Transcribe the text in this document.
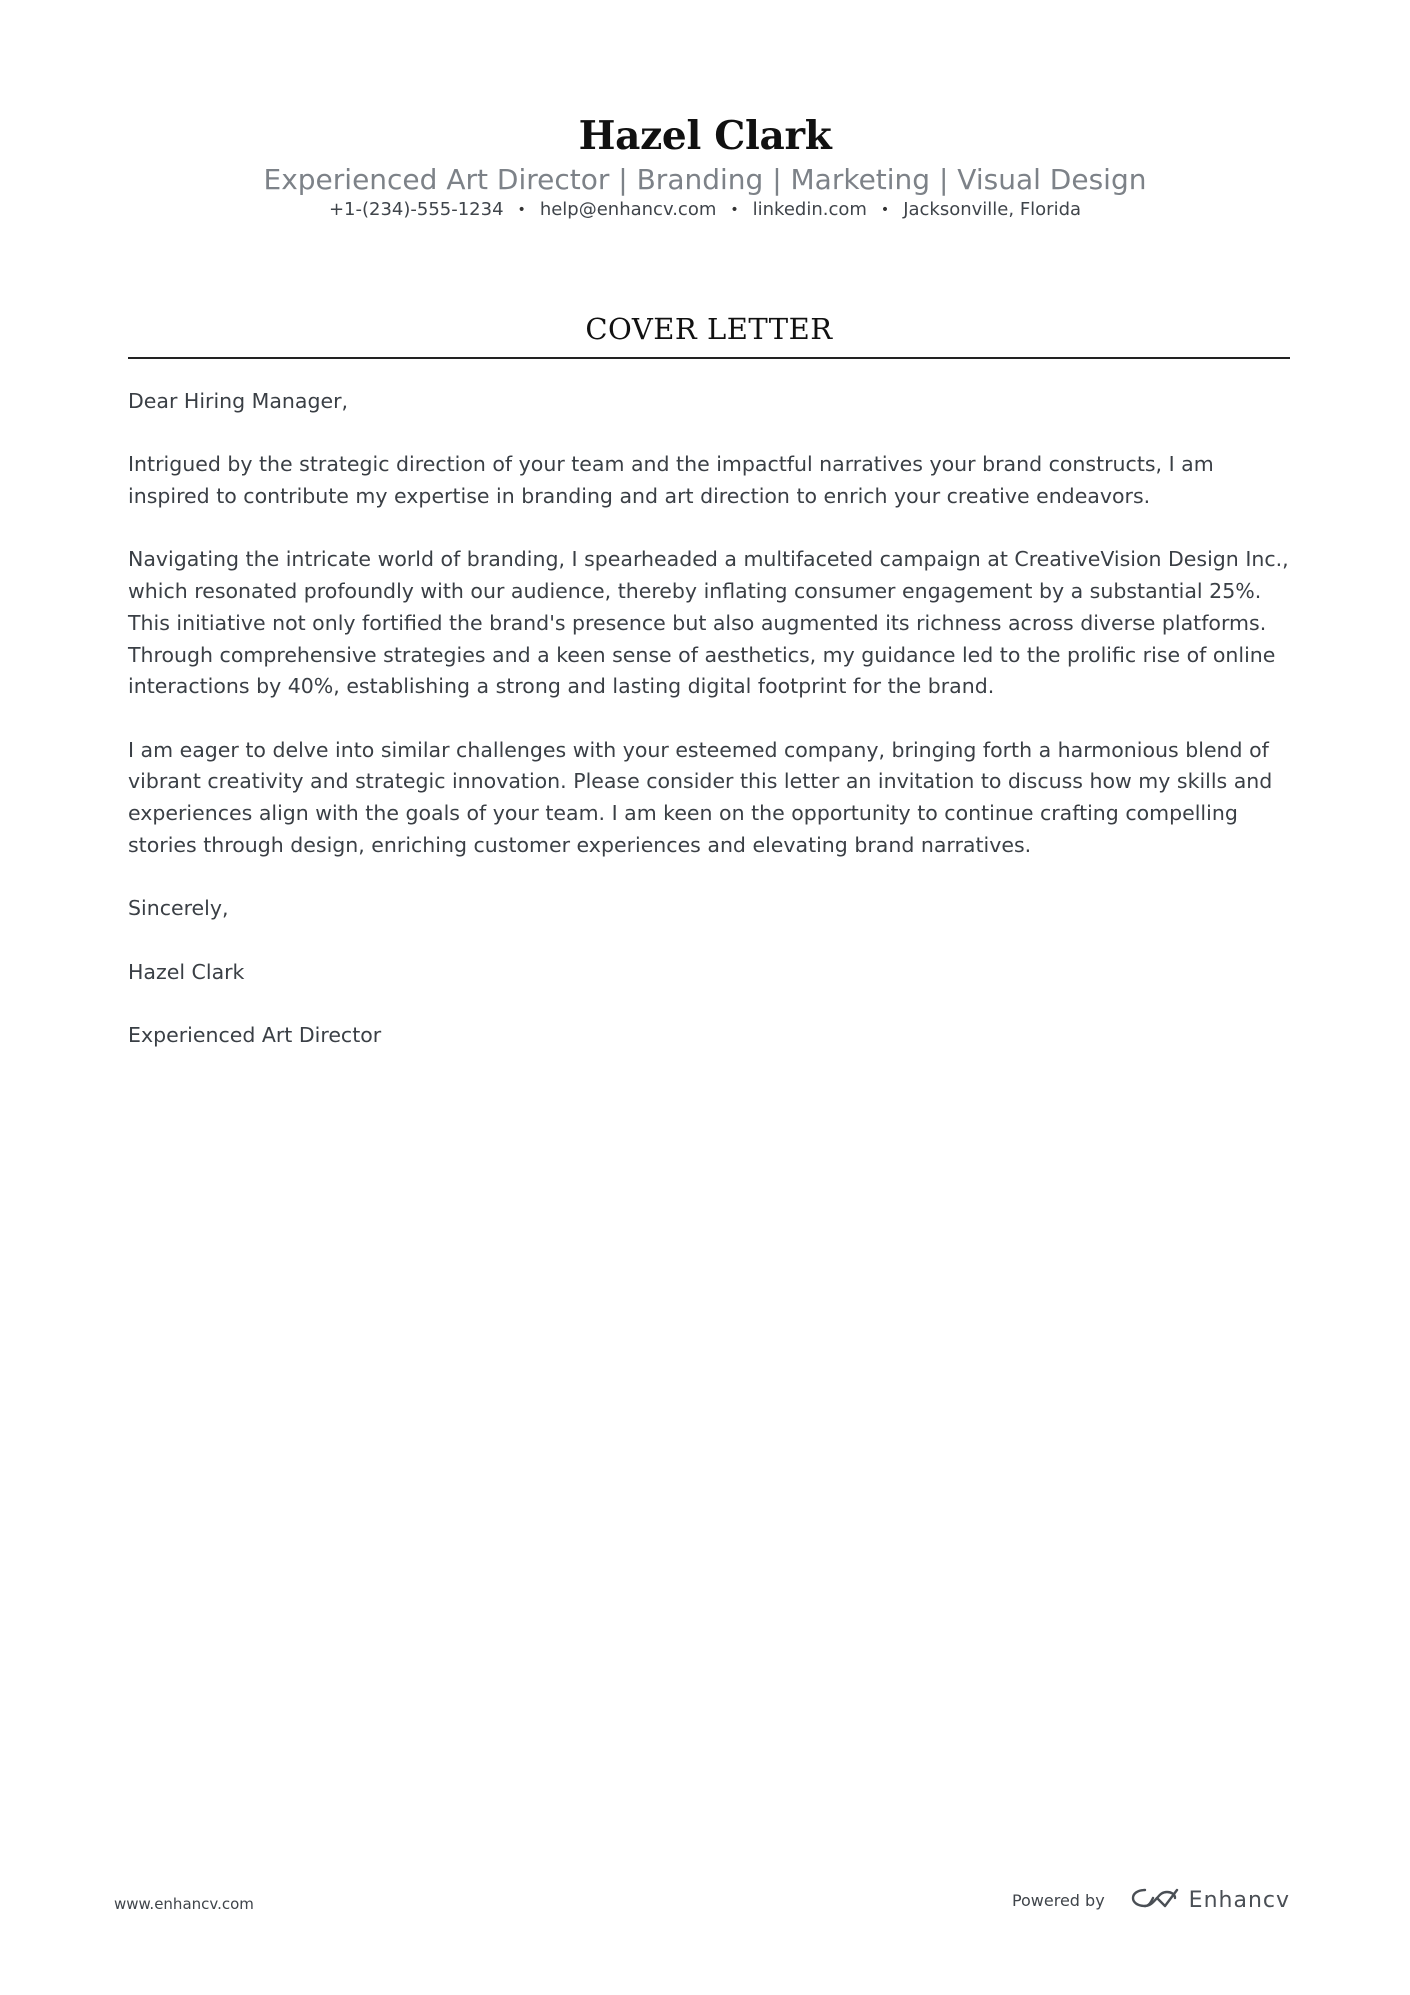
Hazel Clark
Experienced Art Director | Branding | Marketing | Visual Design
+1-(234)-555-1234 • help@enhancv.com • linkedin.com • Jacksonville, Florida
COVER LETTER

Dear Hiring Manager,

Intrigued by the strategic direction of your team and the impactful narratives your brand constructs, I am inspired to contribute my expertise in branding and art direction to enrich your creative endeavors.

Navigating the intricate world of branding, I spearheaded a multifaceted campaign at CreativeVision Design Inc., which resonated profoundly with our audience, thereby inflating consumer engagement by a substantial 25%. This initiative not only fortified the brand's presence but also augmented its richness across diverse platforms. Through comprehensive strategies and a keen sense of aesthetics, my guidance led to the prolific rise of online interactions by 40%, establishing a strong and lasting digital footprint for the brand.

I am eager to delve into similar challenges with your esteemed company, bringing forth a harmonious blend of vibrant creativity and strategic innovation. Please consider this letter an invitation to discuss how my skills and experiences align with the goals of your team. I am keen on the opportunity to continue crafting compelling stories through design, enriching customer experiences and elevating brand narratives.

Sincerely,

Hazel Clark

Experienced Art Director

www.enhancv.com	Powered by	Enhancv
